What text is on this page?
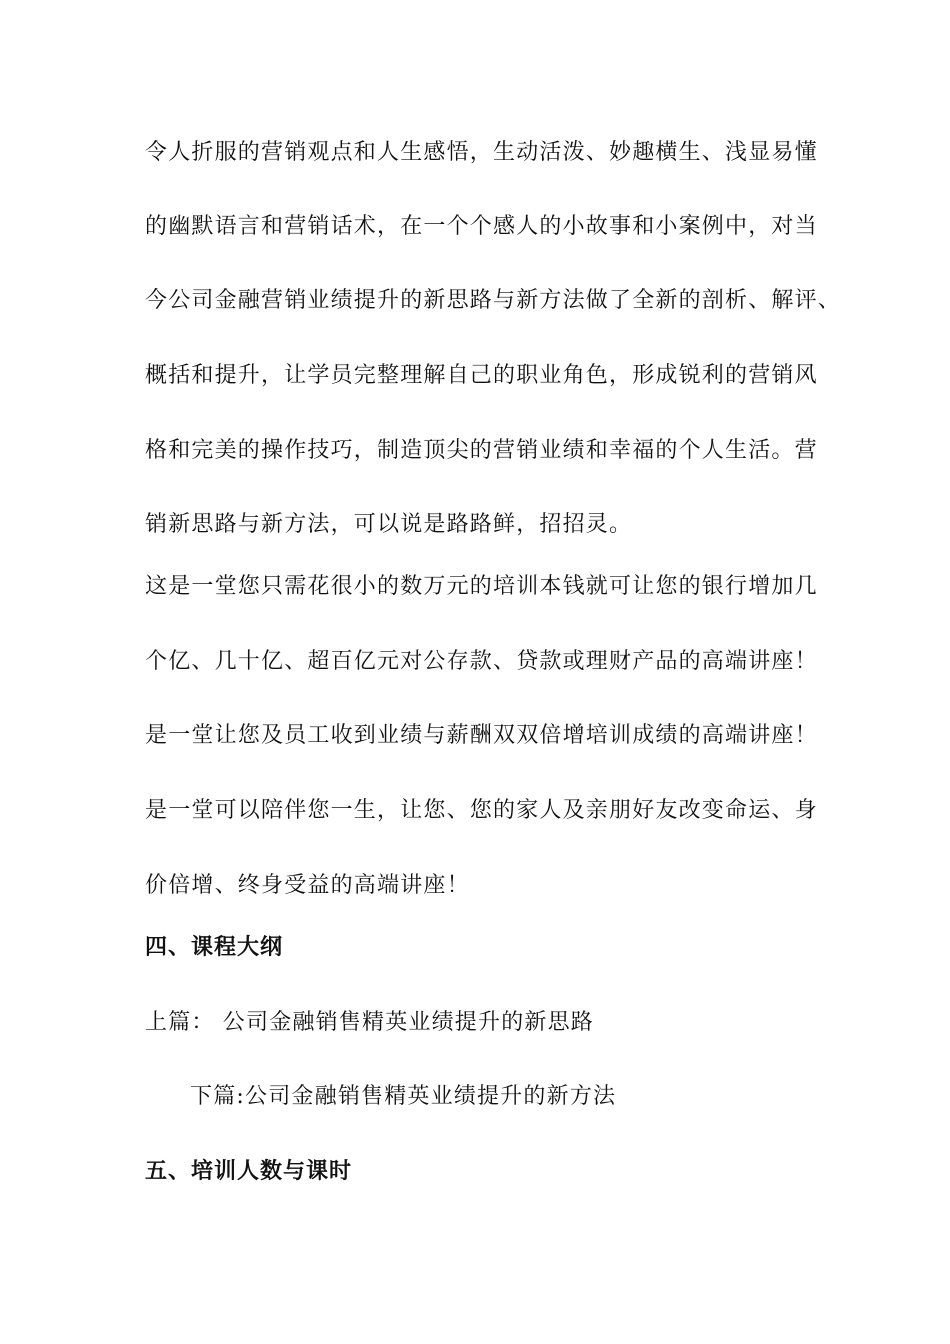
令人折服的营销观点和人生感悟，生动活泼、妙趣横生、浅显易懂
的幽默语言和营销话术，在一个个感人的小故事和小案例中，对当
今公司金融营销业绩提升的新思路与新方法做了全新的剖析、解评、
概括和提升，让学员完整理解自己的职业角色，形成锐利的营销风
格和完美的操作技巧，制造顶尖的营销业绩和幸福的个人生活。营
销新思路与新方法，可以说是路路鲜，招招灵。
这是一堂您只需花很小的数万元的培训本钱就可让您的银行增加几
个亿、几十亿、超百亿元对公存款、贷款或理财产品的高端讲座！
是一堂让您及员工收到业绩与薪酬双双倍增培训成绩的高端讲座！
是一堂可以陪伴您一生，让您、您的家人及亲朋好友改变命运、身
价倍增、终身受益的高端讲座！
四、课程大纲
上篇： 公司金融销售精英业绩提升的新思路
下篇:公司金融销售精英业绩提升的新方法
五、培训人数与课时
